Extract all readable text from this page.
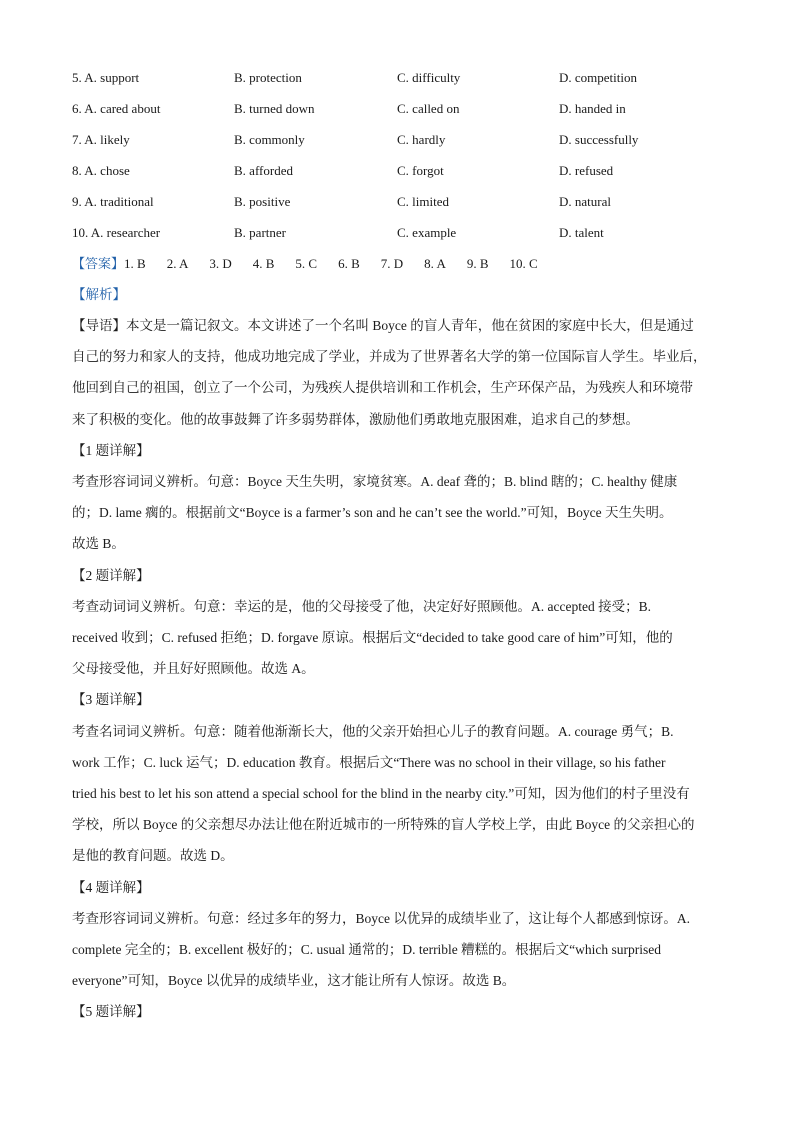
5. A. support	B. protection	C. difficulty	D. competition
6. A. cared about	B. turned down	C. called on	D. handed in
7. A. likely	B. commonly	C. hardly	D. successfully
8. A. chose	B. afforded	C. forgot	D. refused
9. A. traditional	B. positive	C. limited	D. natural
10. A. researcher	B. partner	C. example	D. talent
【答案】1. B 2. A 3. D 4. B 5. C 6. B 7. D 8. A 9. B 10. C
【解析】

【导语】本文是一篇记叙文。本文讲述了一个名叫 Boyce 的盲人青年，他在贫困的家庭中长大，但是通过
自己的努力和家人的支持，他成功地完成了学业，并成为了世界著名大学的第一位国际盲人学生。毕业后，
他回到自己的祖国，创立了一个公司，为残疾人提供培训和工作机会，生产环保产品，为残疾人和环境带
来了积极的变化。他的故事鼓舞了许多弱势群体，激励他们勇敢地克服困难，追求自己的梦想。

【1 题详解】

考查形容词词义辨析。句意：Boyce 天生失明，家境贫寒。A. deaf 聋的；B. blind 瞎的；C. healthy 健康
的；D. lame 瘸的。根据前文“Boyce is a farmer’s son and he can’t see the world.”可知，Boyce 天生失明。
故选 B。

【2 题详解】

考查动词词义辨析。句意：幸运的是，他的父母接受了他，决定好好照顾他。A. accepted 接受；B.
received 收到；C. refused 拒绝；D. forgave 原谅。根据后文“decided to take good care of him”可知，他的
父母接受他，并且好好照顾他。故选 A。

【3 题详解】

考查名词词义辨析。句意：随着他渐渐长大，他的父亲开始担心儿子的教育问题。A. courage 勇气；B.
work 工作；C. luck 运气；D. education 教育。根据后文“There was no school in their village, so his father
tried his best to let his son attend a special school for the blind in the nearby city.”可知，因为他们的村子里没有
学校，所以 Boyce 的父亲想尽办法让他在附近城市的一所特殊的盲人学校上学，由此 Boyce 的父亲担心的
是他的教育问题。故选 D。

【4 题详解】

考查形容词词义辨析。句意：经过多年的努力，Boyce 以优异的成绩毕业了，这让每个人都感到惊讶。A.
complete 完全的；B. excellent 极好的；C. usual 通常的；D. terrible 糟糕的。根据后文“which surprised
everyone”可知，Boyce 以优异的成绩毕业，这才能让所有人惊讶。故选 B。

【5 题详解】
